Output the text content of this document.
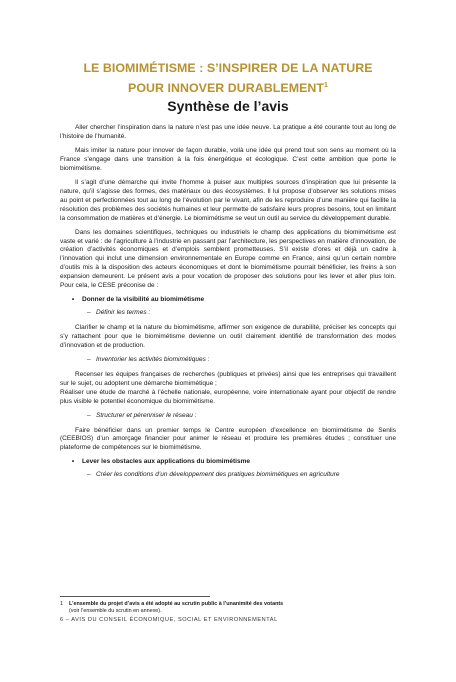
LE BIOMIMÉTISME : S’INSPIRER DE LA NATURE
POUR INNOVER DURABLEMENT$^1$
Synthèse de l’avis

Aller chercher l’inspiration dans la nature n’est pas une idée neuve. La pratique a été courante tout au long de l’histoire de l’humanité.

Mais imiter la nature pour innover de façon durable, voilà une idée qui prend tout son sens au moment où la France s’engage dans une transition à la fois énergétique et écologique. C’est cette ambition que porte le biomimétisme.

Il s’agit d’une démarche qui invite l’homme à puiser aux multiples sources d’inspiration que lui présente la nature, qu’il s’agisse des formes, des matériaux ou des écosystèmes. Il lui propose d’observer les solutions mises au point et perfectionnées tout au long de l’évolution par le vivant, afin de les reproduire d’une manière qui facilite la résolution des problèmes des sociétés humaines et leur permette de satisfaire leurs propres besoins, tout en limitant la consommation de matières et d’énergie. Le biomimétisme se veut un outil au service du développement durable.

Dans les domaines scientifiques, techniques ou industriels le champ des applications du biomimétisme est vaste et varié : de l’agriculture à l’industrie en passant par l’architecture, les perspectives en matière d’innovation, de création d’activités économiques et d’emplois semblent prometteuses. S’il existe d’ores et déjà un cadre à l’innovation qui inclut une dimension environnementale en Europe comme en France, ainsi qu’un certain nombre d’outils mis à la disposition des acteurs économiques et dont le biomimétisme pourrait bénéficier, les freins à son expansion demeurent. Le présent avis a pour vocation de proposer des solutions pour les lever et aller plus loin. Pour cela, le CESE préconise de :

•	Donner de la visibilité au biomimétisme
– Définir les termes :

Clarifier le champ et la nature du biomimétisme, affirmer son exigence de durabilité, préciser les concepts qui s’y rattachent pour que le biomimétisme devienne un outil clairement identifié de transformation des modes d’innovation et de production.

– Inventorier les activités biomimétiques :

Recenser les équipes françaises de recherches (publiques et privées) ainsi que les entreprises qui travaillent sur le sujet, ou adoptent une démarche biomimétique ;

Réaliser une étude de marché à l’échelle nationale, européenne, voire internationale ayant pour objectif de rendre plus visible le potentiel économique du biomimétisme.

– Structurer et pérenniser le réseau :

Faire bénéficier dans un premier temps le Centre européen d’excellence en biomimétisme de Senlis (CEEBIOS) d’un amorçage financier pour animer le réseau et produire les premières études ; constituer une plateforme de compétences sur le biomimétisme.

•	Lever les obstacles aux applications du biomimétisme
– Créer les conditions d’un développement des pratiques biomimétiques en agriculture
1	L’ensemble du projet d’avis a été adopté au scrutin public à l’unanimité des votants
(voir l’ensemble du scrutin en annexe).
6 – AVIS DU CONSEIL ÉCONOMIQUE, SOCIAL ET ENVIRONNEMENTAL
